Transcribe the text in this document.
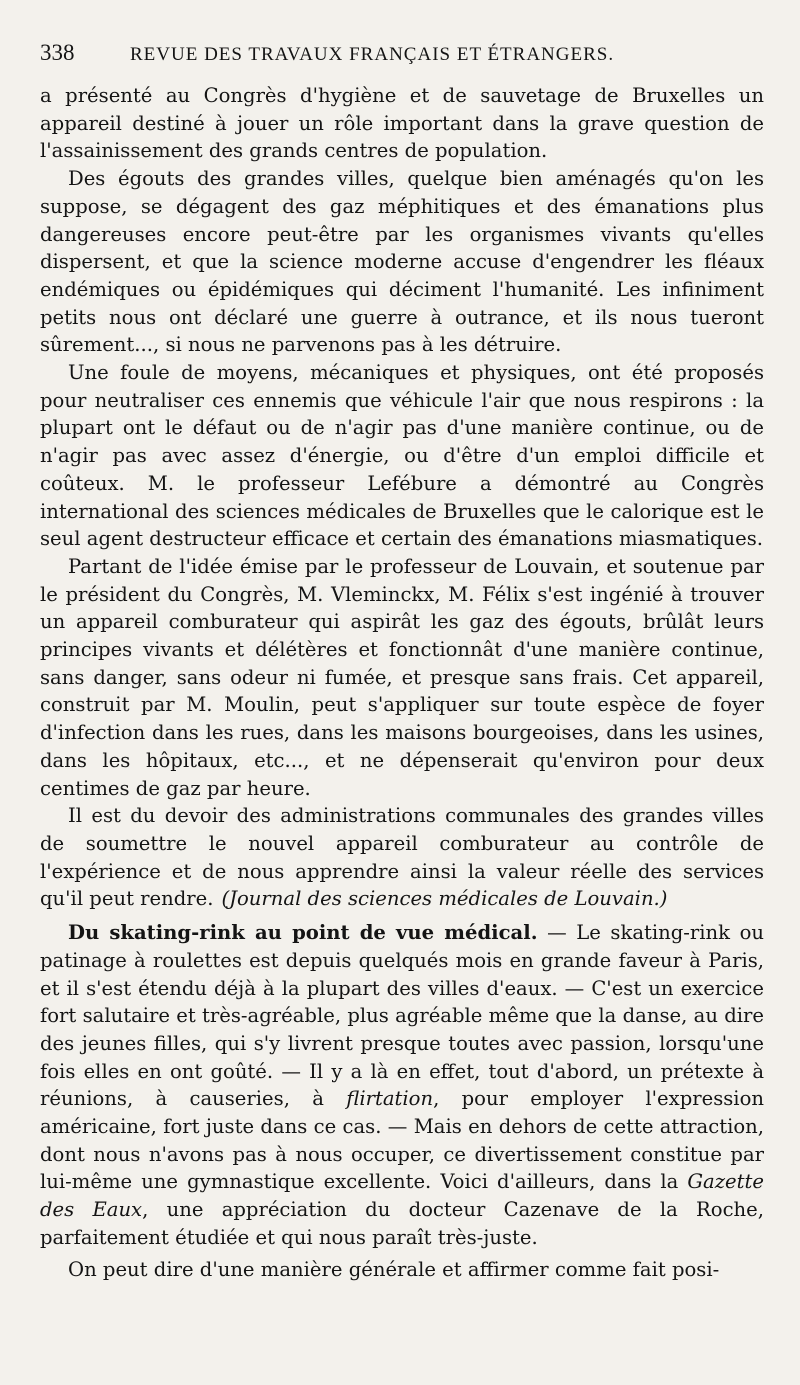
338	REVUE DES TRAVAUX FRANÇAIS ET ÉTRANGERS.

a présenté au Congrès d'hygiène et de sauvetage de Bruxelles un appareil destiné à jouer un rôle important dans la grave question de l'assainissement des grands centres de population.

Des égouts des grandes villes, quelque bien aménagés qu'on les suppose, se dégagent des gaz méphitiques et des émanations plus dangereuses encore peut-être par les organismes vivants qu'elles dispersent, et que la science moderne accuse d'engendrer les fléaux endémiques ou épidémiques qui déciment l'humanité. Les infiniment petits nous ont déclaré une guerre à outrance, et ils nous tueront sûrement..., si nous ne parvenons pas à les détruire.

Une foule de moyens, mécaniques et physiques, ont été proposés pour neutraliser ces ennemis que véhicule l'air que nous respirons : la plupart ont le défaut ou de n'agir pas d'une manière continue, ou de n'agir pas avec assez d'énergie, ou d'être d'un emploi difficile et coûteux. M. le professeur Lefébure a démontré au Congrès international des sciences médicales de Bruxelles que le calorique est le seul agent destructeur efficace et certain des émanations miasmatiques.

Partant de l'idée émise par le professeur de Louvain, et soutenue par le président du Congrès, M. Vleminckx, M. Félix s'est ingénié à trouver un appareil comburateur qui aspirât les gaz des égouts, brûlât leurs principes vivants et délétères et fonctionnât d'une manière continue, sans danger, sans odeur ni fumée, et presque sans frais. Cet appareil, construit par M. Moulin, peut s'appliquer sur toute espèce de foyer d'infection dans les rues, dans les maisons bourgeoises, dans les usines, dans les hôpitaux, etc..., et ne dépenserait qu'environ pour deux centimes de gaz par heure.

Il est du devoir des administrations communales des grandes villes de soumettre le nouvel appareil comburateur au contrôle de l'expérience et de nous apprendre ainsi la valeur réelle des services qu'il peut rendre. (Journal des sciences médicales de Louvain.)

Du skating-rink au point de vue médical. — Le skating-rink ou patinage à roulettes est depuis quelqués mois en grande faveur à Paris, et il s'est étendu déjà à la plupart des villes d'eaux. — C'est un exercice fort salutaire et très-agréable, plus agréable même que la danse, au dire des jeunes filles, qui s'y livrent presque toutes avec passion, lorsqu'une fois elles en ont goûté. — Il y a là en effet, tout d'abord, un prétexte à réunions, à causeries, à flirtation, pour employer l'expression américaine, fort juste dans ce cas. — Mais en dehors de cette attraction, dont nous n'avons pas à nous occuper, ce divertissement constitue par lui-même une gymnastique excellente. Voici d'ailleurs, dans la Gazette des Eaux, une appréciation du docteur Cazenave de la Roche, parfaitement étudiée et qui nous paraît très-juste.

On peut dire d'une manière générale et affirmer comme fait posi-
